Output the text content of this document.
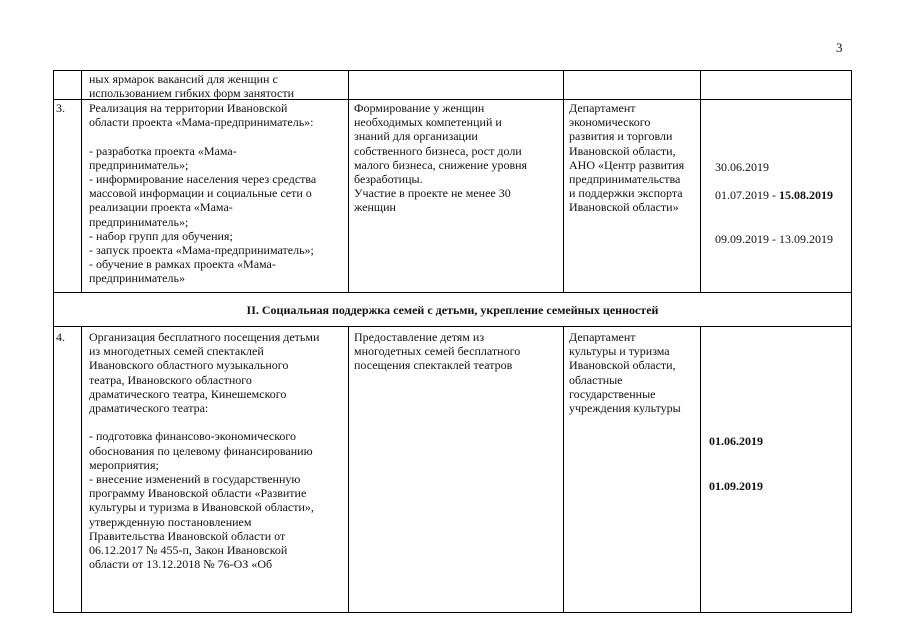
3
ных ярмарок вакансий для женщин с
использованием гибких форм занятости
3. Реализация на территории Ивановской
области проекта «Мама-предприниматель»:

- разработка проекта «Мама-
предприниматель»;
- информирование населения через средства
массовой информации и социальные сети о
реализации проекта «Мама-
предприниматель»;
- набор групп для обучения;
- запуск проекта «Мама-предприниматель»;
- обучение в рамках проекта «Мама-
предприниматель»
Формирование у женщин
необходимых компетенций и
знаний для организации
собственного бизнеса, рост доли
малого бизнеса, снижение уровня
безработицы.
Участие в проекте не менее 30
женщин
Департамент
экономического
развития и торговли
Ивановской области,
АНО «Центр развития
предпринимательства
и поддержки экспорта
Ивановской области»

30.06.2019

01.07.2019 - 15.08.2019

09.09.2019 - 13.09.2019

II. Социальная поддержка семей с детьми, укрепление семейных ценностей
4. Организация бесплатного посещения детьми
из многодетных семей спектаклей
Ивановского областного музыкального
театра, Ивановского областного
драматического театра, Кинешемского
драматического театра:

- подготовка финансово-экономического
обоснования по целевому финансированию
мероприятия;
- внесение изменений в государственную
программу Ивановской области «Развитие
культуры и туризма в Ивановской области»,
утвержденную постановлением
Правительства Ивановской области от
06.12.2017 № 455-п, Закон Ивановской
области от 13.12.2018 № 76-ОЗ «Об
Предоставление детям из
многодетных семей бесплатного
посещения спектаклей театров
Департамент
культуры и туризма
Ивановской области,
областные
государственные
учреждения культуры
01.06.2019
01.09.2019
